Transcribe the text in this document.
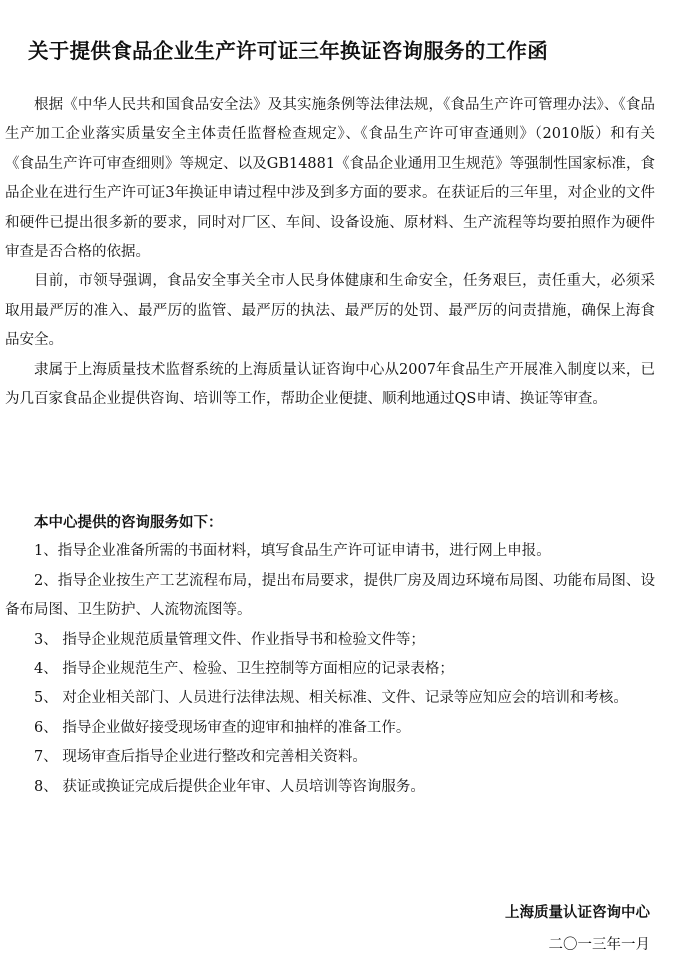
关于提供食品企业生产许可证三年换证咨询服务的工作函

根据《中华人民共和国食品安全法》及其实施条例等法律法规，《食品生产许可管理办法》、《食品生产加工企业落实质量安全主体责任监督检查规定》、《食品生产许可审查通则》（2010版）和有关《食品生产许可审查细则》等规定、以及GB14881《食品企业通用卫生规范》等强制性国家标准，食品企业在进行生产许可证3年换证申请过程中涉及到多方面的要求。在获证后的三年里，对企业的文件和硬件已提出很多新的要求，同时对厂区、车间、设备设施、原材料、生产流程等均要拍照作为硬件审查是否合格的依据。

目前，市领导强调，食品安全事关全市人民身体健康和生命安全，任务艰巨，责任重大，必须采取用最严厉的准入、最严厉的监管、最严厉的执法、最严厉的处罚、最严厉的问责措施，确保上海食品安全。

隶属于上海质量技术监督系统的上海质量认证咨询中心从2007年食品生产开展准入制度以来，已为几百家食品企业提供咨询、培训等工作，帮助企业便捷、顺利地通过QS申请、换证等审查。

本中心提供的咨询服务如下：

1、指导企业准备所需的书面材料，填写食品生产许可证申请书，进行网上申报。

2、指导企业按生产工艺流程布局，提出布局要求，提供厂房及周边环境布局图、功能布局图、设备布局图、卫生防护、人流物流图等。

3、 指导企业规范质量管理文件、作业指导书和检验文件等；

4、 指导企业规范生产、检验、卫生控制等方面相应的记录表格；

5、 对企业相关部门、人员进行法律法规、相关标准、文件、记录等应知应会的培训和考核。

6、 指导企业做好接受现场审查的迎审和抽样的准备工作。

7、 现场审查后指导企业进行整改和完善相关资料。

8、 获证或换证完成后提供企业年审、人员培训等咨询服务。

上海质量认证咨询中心
二〇一三年一月
